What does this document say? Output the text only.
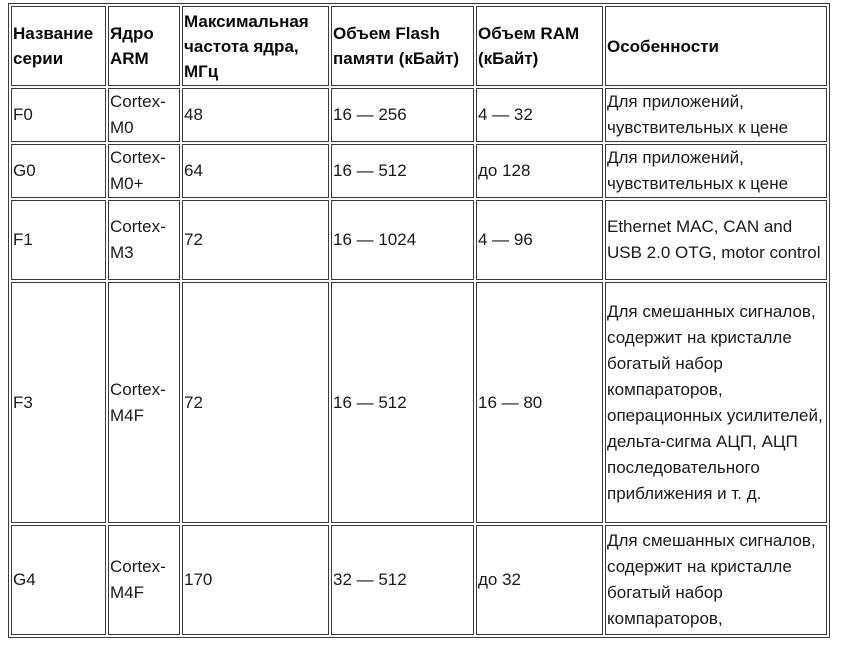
Название серии	Ядро ARM	Максимальная частота ядра, МГц	Объем Flash памяти (кБайт)	Объем RAM (кБайт)	Особенности
F0	Cortex-M0	48	16 — 256	4 — 32	Для приложений, чувствительных к цене
G0	Cortex-M0+	64	16 — 512	до 128	Для приложений, чувствительных к цене
F1	Cortex-M3	72	16 — 1024	4 — 96	Ethernet MAC, CAN and USB 2.0 OTG, motor control
F3	Cortex-M4F	72	16 — 512	16 — 80	Для смешанных сигналов, содержит на кристалле богатый набор компараторов, операционных усилителей, дельта-сигма АЦП, АЦП последовательного приближения и т. д.
G4	Cortex-M4F	170	32 — 512	до 32	Для смешанных сигналов, содержит на кристалле богатый набор компараторов,
